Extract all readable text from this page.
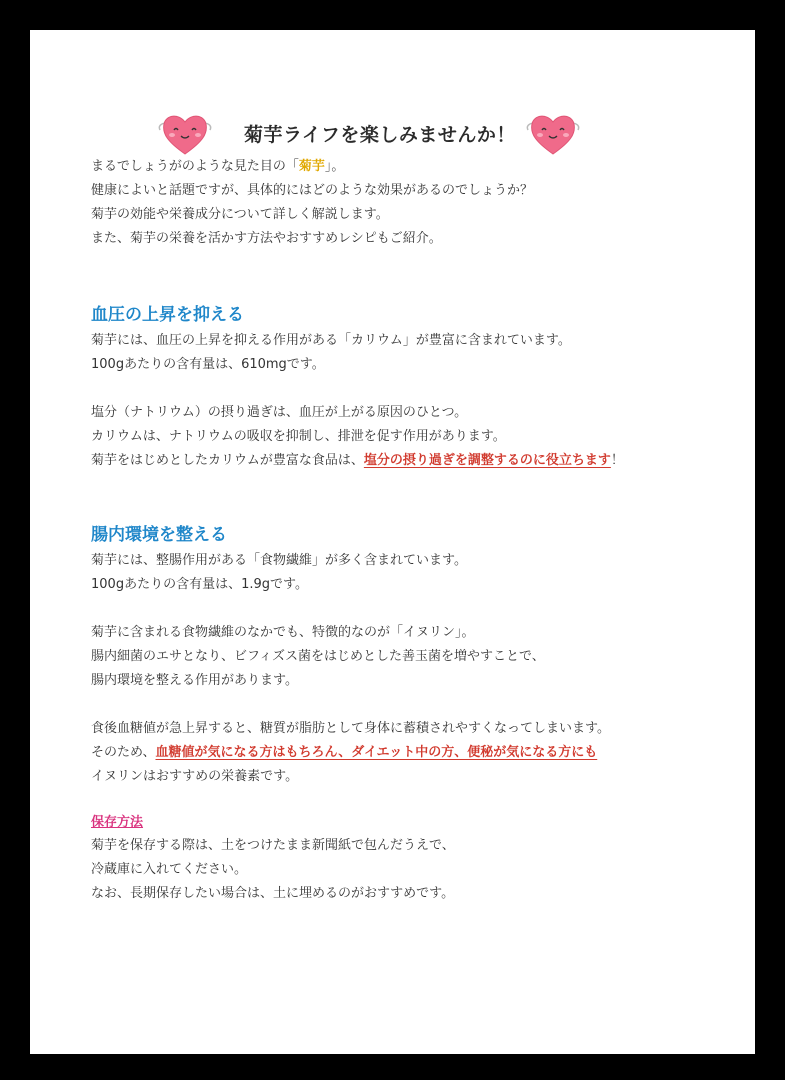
菊芋ライフを楽しみませんか！
まるでしょうがのような見た目の「菊芋」。
健康によいと話題ですが、具体的にはどのような効果があるのでしょうか？
菊芋の効能や栄養成分について詳しく解説します。
また、菊芋の栄養を活かす方法やおすすめレシピもご紹介。
血圧の上昇を抑える
菊芋には、血圧の上昇を抑える作用がある「カリウム」が豊富に含まれています。
100gあたりの含有量は、610mgです。
塩分（ナトリウム）の摂り過ぎは、血圧が上がる原因のひとつ。
カリウムは、ナトリウムの吸収を抑制し、排泄を促す作用があります。
菊芋をはじめとしたカリウムが豊富な食品は、塩分の摂り過ぎを調整するのに役立ちます！
腸内環境を整える
菊芋には、整腸作用がある「食物繊維」が多く含まれています。
100gあたりの含有量は、1.9gです。
菊芋に含まれる食物繊維のなかでも、特徴的なのが「イヌリン」。
腸内細菌のエサとなり、ビフィズス菌をはじめとした善玉菌を増やすことで、
腸内環境を整える作用があります。
食後血糖値が急上昇すると、糖質が脂肪として身体に蓄積されやすくなってしまいます。
そのため、血糖値が気になる方はもちろん、ダイエット中の方、便秘が気になる方にも
イヌリンはおすすめの栄養素です。
保存方法
菊芋を保存する際は、土をつけたまま新聞紙で包んだうえで、
冷蔵庫に入れてください。
なお、長期保存したい場合は、土に埋めるのがおすすめです。
